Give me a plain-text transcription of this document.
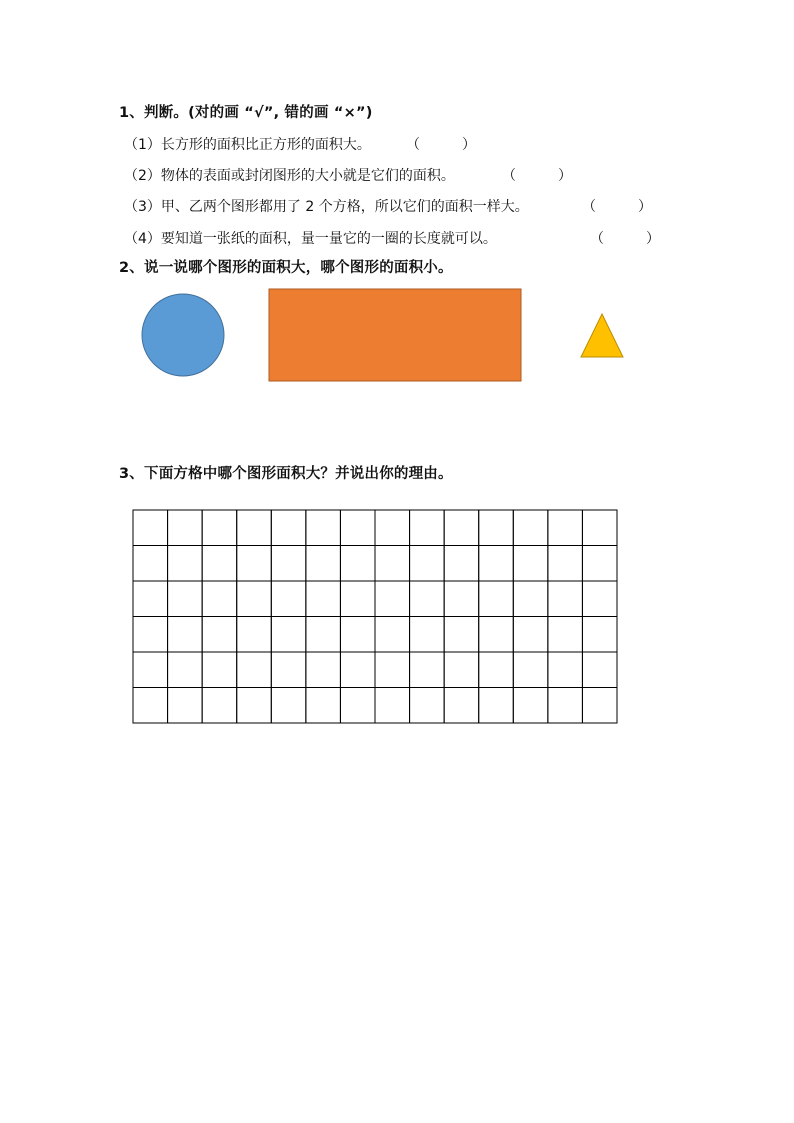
1、判断。(对的画 “√”, 错的画 “×”)
（1）长方形的面积比正方形的面积大。	（　　　）
（2）物体的表面或封闭图形的大小就是它们的面积。	（　　　）
（3）甲、乙两个图形都用了 2 个方格，所以它们的面积一样大。	（　　　）
（4）要知道一张纸的面积，量一量它的一圈的长度就可以。	（　　　）
2、说一说哪个图形的面积大，哪个图形的面积小。
3、下面方格中哪个图形面积大？并说出你的理由。
